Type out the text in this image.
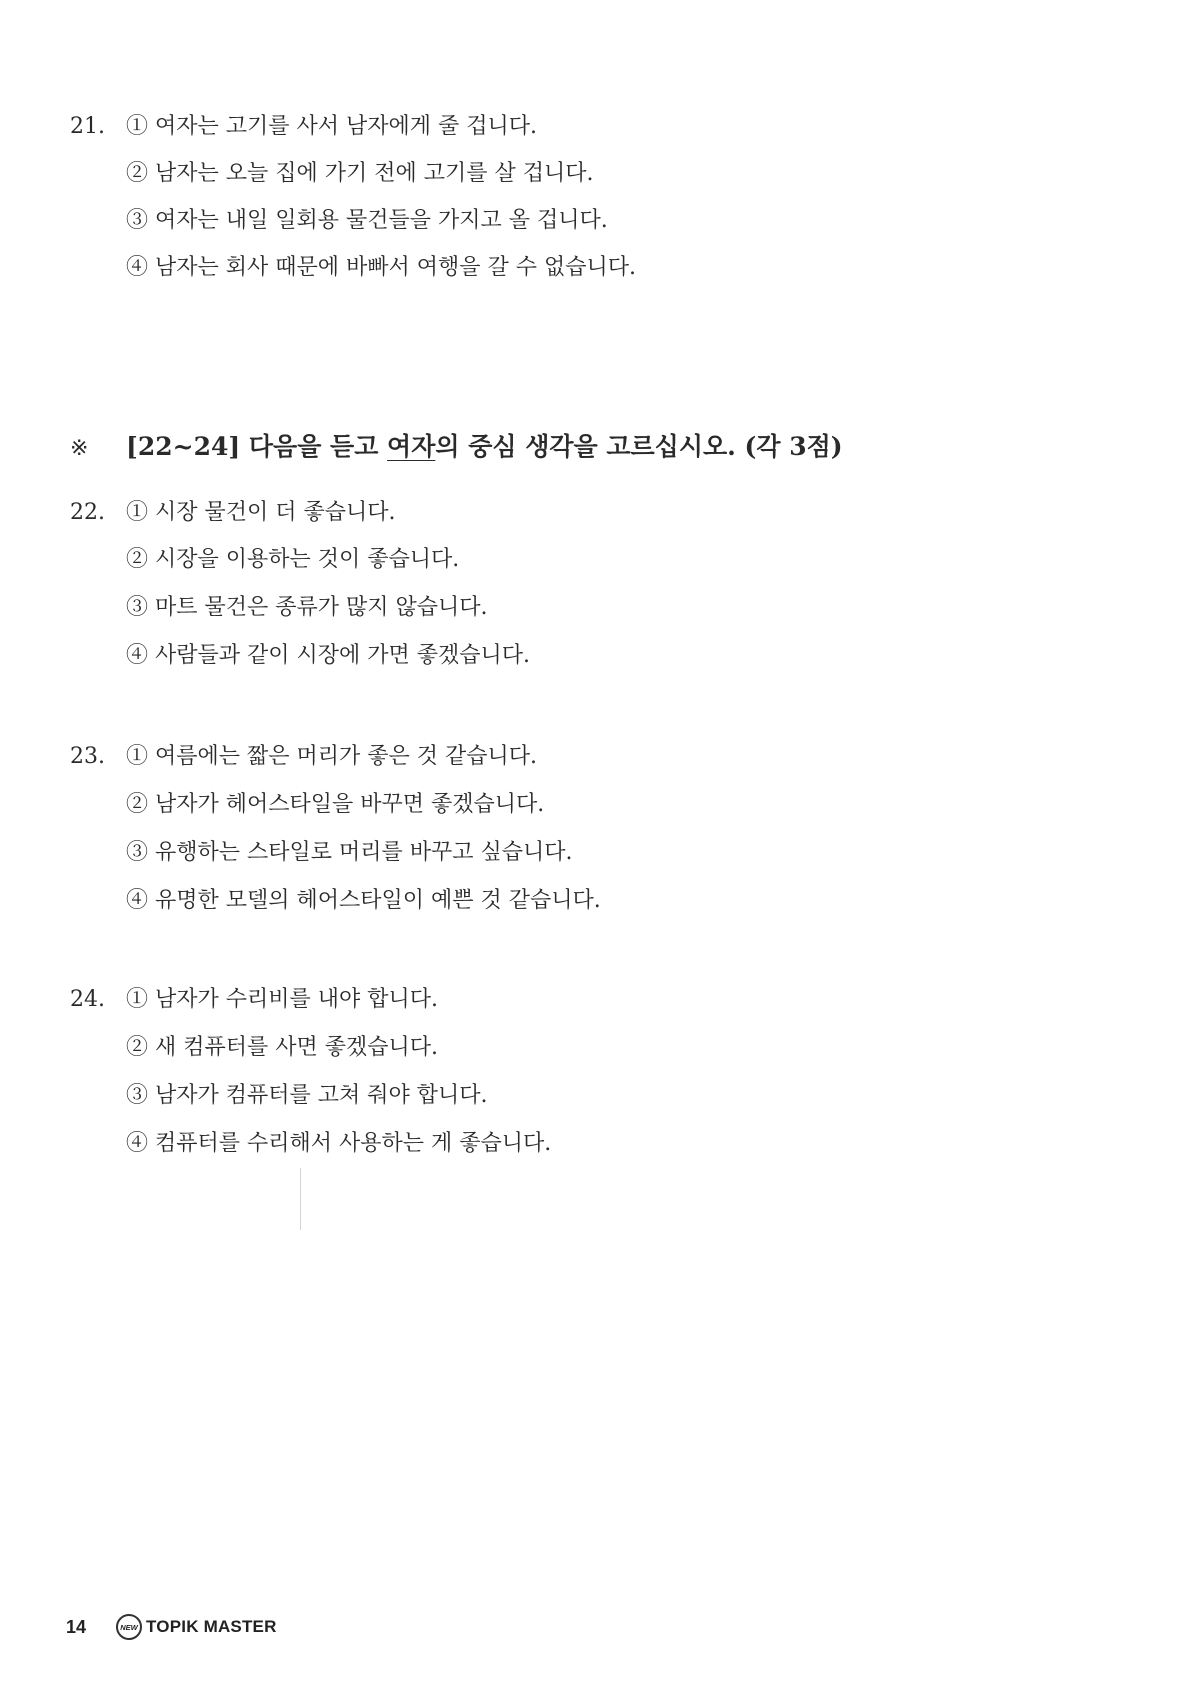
21. ① 여자는 고기를 사서 남자에게 줄 겁니다.
② 남자는 오늘 집에 가기 전에 고기를 살 겁니다.
③ 여자는 내일 일회용 물건들을 가지고 올 겁니다.
④ 남자는 회사 때문에 바빠서 여행을 갈 수 없습니다.
※ [22~24] 다음을 듣고 여자의 중심 생각을 고르십시오. (각 3점)
22. ① 시장 물건이 더 좋습니다.
② 시장을 이용하는 것이 좋습니다.
③ 마트 물건은 종류가 많지 않습니다.
④ 사람들과 같이 시장에 가면 좋겠습니다.
23. ① 여름에는 짧은 머리가 좋은 것 같습니다.
② 남자가 헤어스타일을 바꾸면 좋겠습니다.
③ 유행하는 스타일로 머리를 바꾸고 싶습니다.
④ 유명한 모델의 헤어스타일이 예쁜 것 같습니다.
24. ① 남자가 수리비를 내야 합니다.
② 새 컴퓨터를 사면 좋겠습니다.
③ 남자가 컴퓨터를 고쳐 줘야 합니다.
④ 컴퓨터를 수리해서 사용하는 게 좋습니다.
14	NEW TOPIK MASTER
